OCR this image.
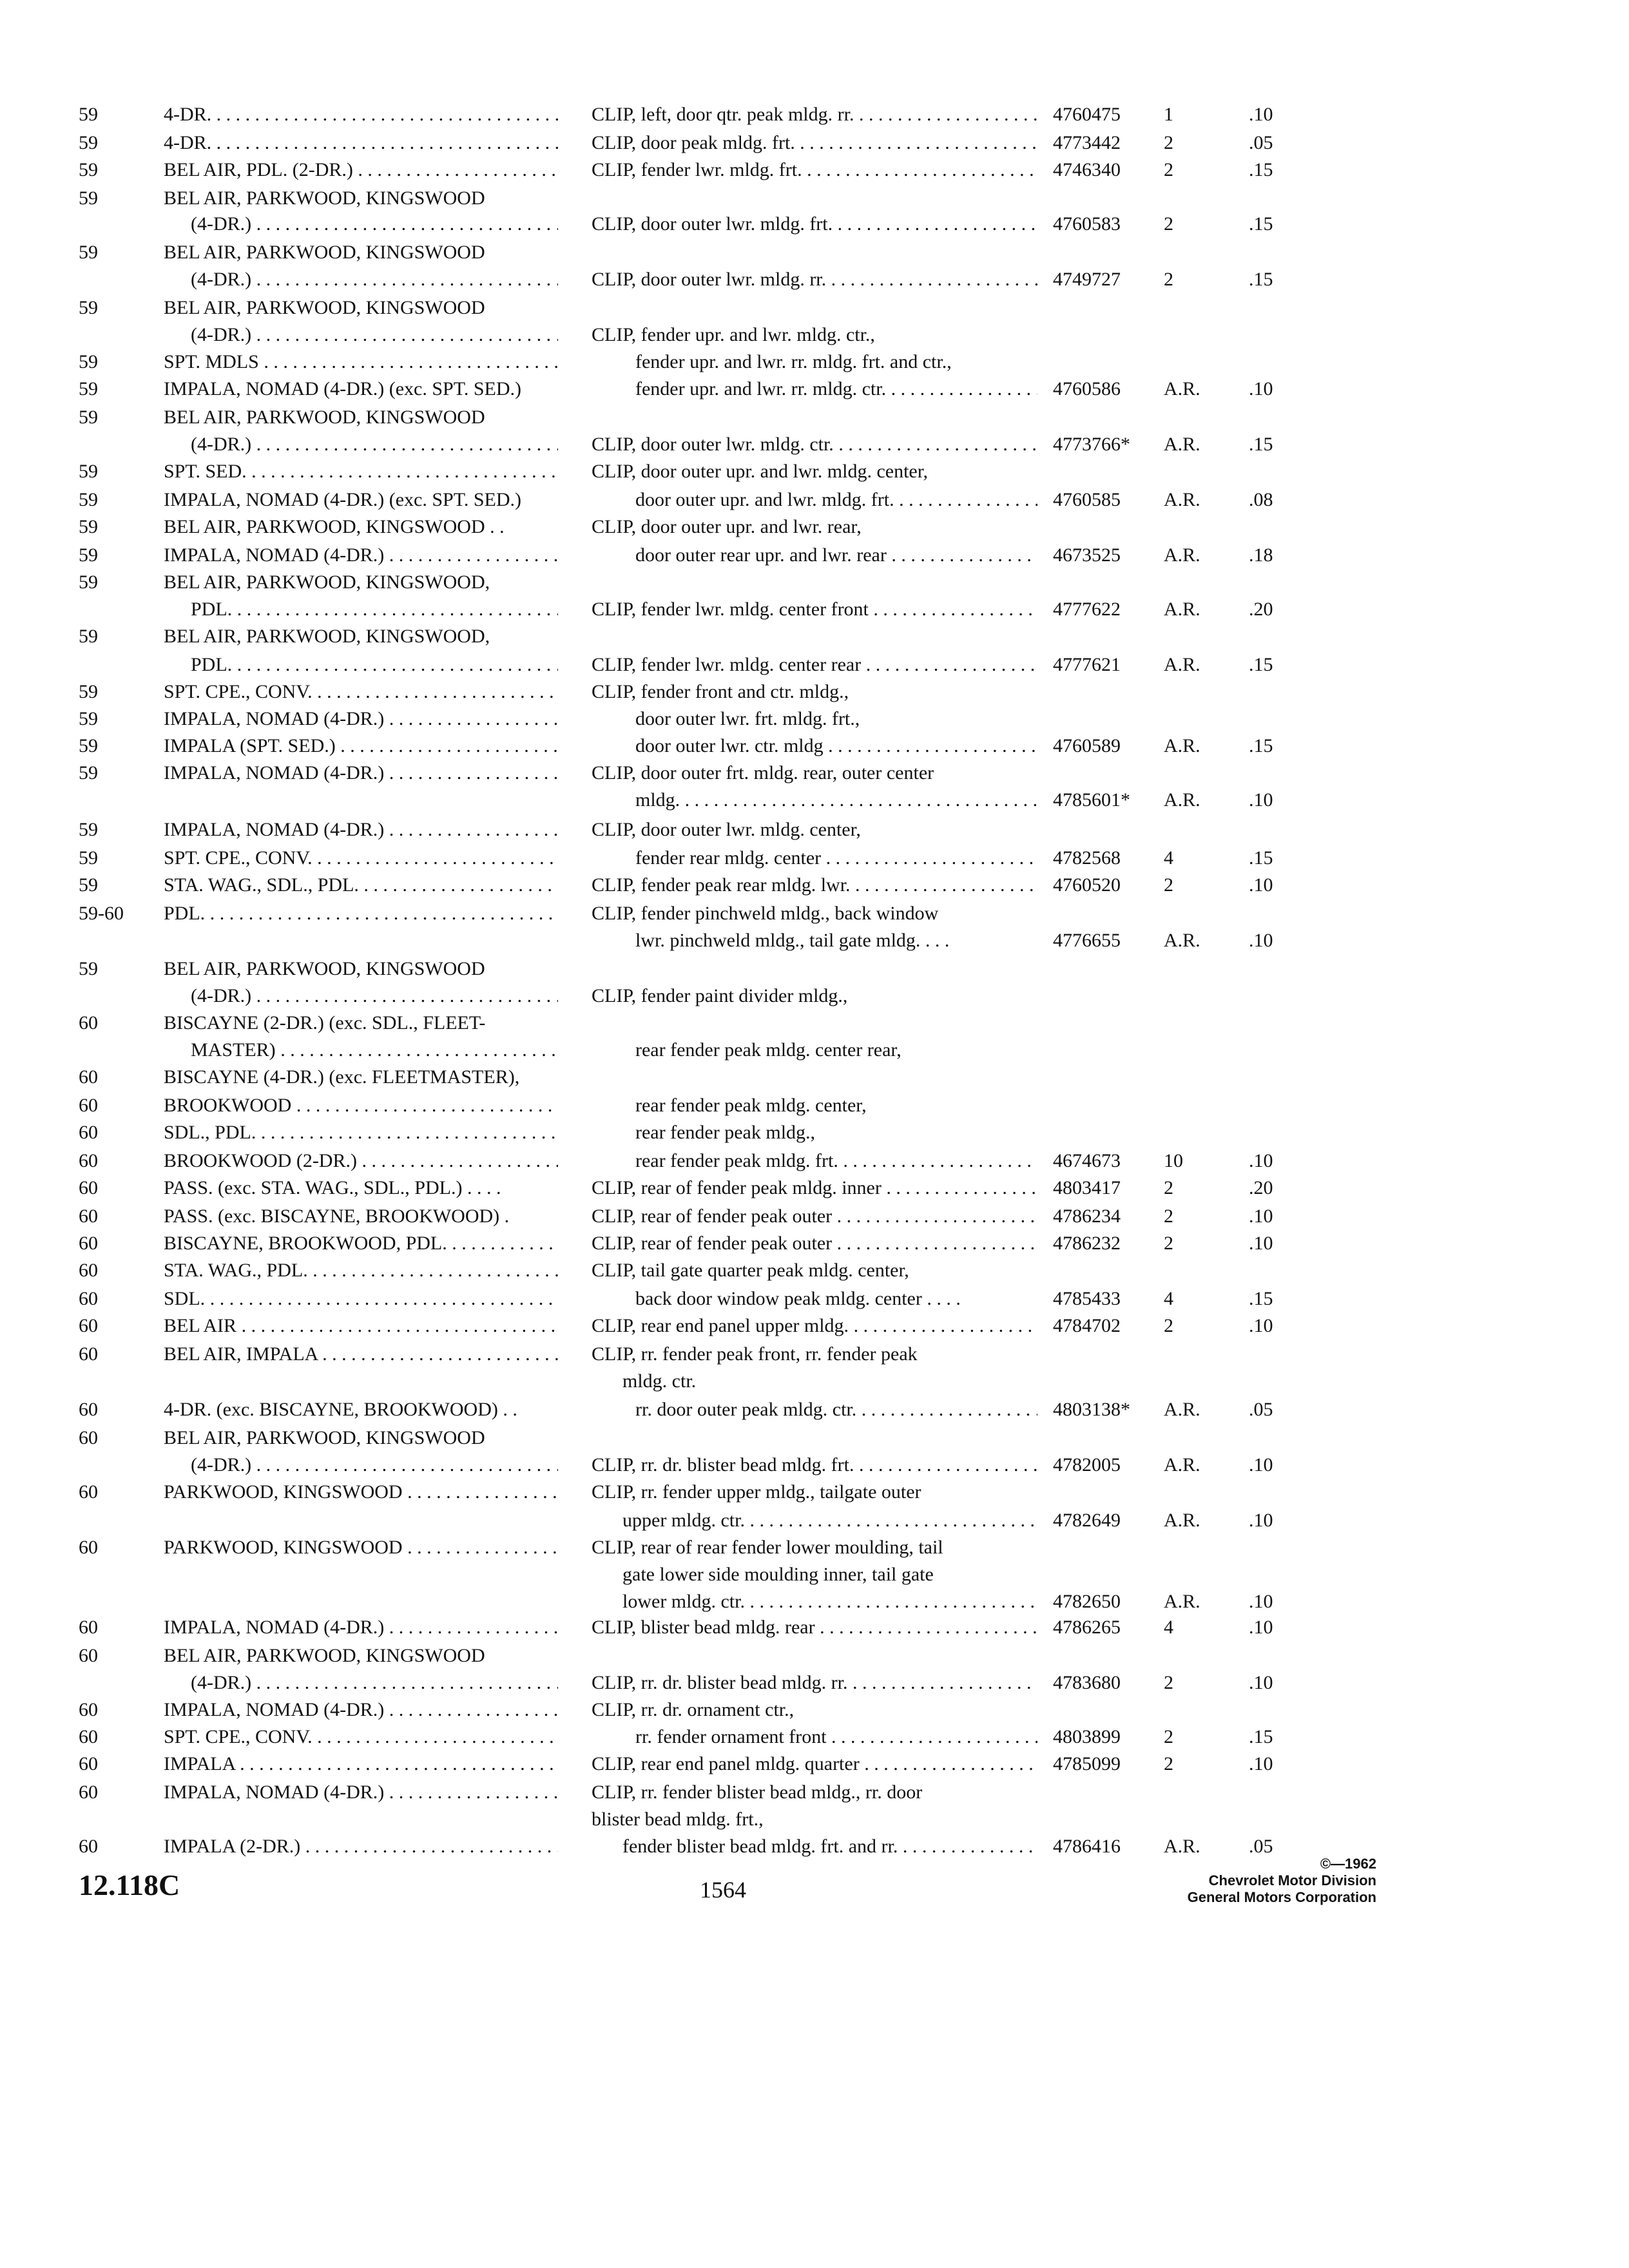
59	4-DR. . . .	CLIP, left, door qtr. peak mldg. rr. . . .	4760475	1	.10
59	4-DR. . . .	CLIP, door peak mldg. frt. . . .	4773442	2	.05
59	BEL AIR, PDL. (2-DR.) . . .	CLIP, fender lwr. mldg. frt. . . .	4746340	2	.15
59	BEL AIR, PARKWOOD, KINGSWOOD
(4-DR.) . . .	CLIP, door outer lwr. mldg. frt. . . .	4760583	2	.15
59	BEL AIR, PARKWOOD, KINGSWOOD
(4-DR.) . . .	CLIP, door outer lwr. mldg. rr. . . .	4749727	2	.15
59	BEL AIR, PARKWOOD, KINGSWOOD
(4-DR.) . . .	CLIP, fender upr. and lwr. mldg. ctr.,
59	SPT. MDLS . . .	fender upr. and lwr. rr. mldg. frt. and ctr.,
59	IMPALA, NOMAD (4-DR.) (exc. SPT. SED.)	fender upr. and lwr. rr. mldg. ctr. . . .	4760586	A.R.	.10
59	BEL AIR, PARKWOOD, KINGSWOOD
(4-DR.) . . .	CLIP, door outer lwr. mldg. ctr. . . .	4773766*	A.R.	.15
59	SPT. SED. . . .	CLIP, door outer upr. and lwr. mldg. center,
59	IMPALA, NOMAD (4-DR.) (exc. SPT. SED.)	door outer upr. and lwr. mldg. frt. . . .	4760585	A.R.	.08
59	BEL AIR, PARKWOOD, KINGSWOOD . .	CLIP, door outer upr. and lwr. rear,
59	IMPALA, NOMAD (4-DR.) . . .	door outer rear upr. and lwr. rear . . .	4673525	A.R.	.18
59	BEL AIR, PARKWOOD, KINGSWOOD,
PDL. . . .	CLIP, fender lwr. mldg. center front . . .	4777622	A.R.	.20
59	BEL AIR, PARKWOOD, KINGSWOOD,
PDL. . . .	CLIP, fender lwr. mldg. center rear . . .	4777621	A.R.	.15
59	SPT. CPE., CONV. . . .	CLIP, fender front and ctr. mldg.,
59	IMPALA, NOMAD (4-DR.) . . .	door outer lwr. frt. mldg. frt.,
59	IMPALA (SPT. SED.) . . .	door outer lwr. ctr. mldg . . .	4760589	A.R.	.15
59	IMPALA, NOMAD (4-DR.) . . .	CLIP, door outer frt. mldg. rear, outer center
mldg. . . .	4785601*	A.R.	.10
59	IMPALA, NOMAD (4-DR.) . . .	CLIP, door outer lwr. mldg. center,
59	SPT. CPE., CONV. . . .	fender rear mldg. center . . .	4782568	4	.15
59	STA. WAG., SDL., PDL. . . .	CLIP, fender peak rear mldg. lwr. . . .	4760520	2	.10
59-60	PDL. . . .	CLIP, fender pinchweld mldg., back window
lwr. pinchweld mldg., tail gate mldg. . . .	4776655	A.R.	.10
59	BEL AIR, PARKWOOD, KINGSWOOD
(4-DR.) . . .	CLIP, fender paint divider mldg.,
60	BISCAYNE (2-DR.) (exc. SDL., FLEET-
MASTER) . . .	rear fender peak mldg. center rear,
60	BISCAYNE (4-DR.) (exc. FLEETMASTER),
60	BROOKWOOD . . .	rear fender peak mldg. center,
60	SDL., PDL. . . .	rear fender peak mldg.,
60	BROOKWOOD (2-DR.) . . .	rear fender peak mldg. frt. . . .	4674673	10	.10
60	PASS. (exc. STA. WAG., SDL., PDL.) . . . .	CLIP, rear of fender peak mldg. inner . . .	4803417	2	.20
60	PASS. (exc. BISCAYNE, BROOKWOOD) .	CLIP, rear of fender peak outer . . .	4786234	2	.10
60	BISCAYNE, BROOKWOOD, PDL. . . .	CLIP, rear of fender peak outer . . .	4786232	2	.10
60	STA. WAG., PDL. . . .	CLIP, tail gate quarter peak mldg. center,
60	SDL. . . .	back door window peak mldg. center . . . .	4785433	4	.15
60	BEL AIR . . .	CLIP, rear end panel upper mldg. . . .	4784702	2	.10
60	BEL AIR, IMPALA . . .	CLIP, rr. fender peak front, rr. fender peak
mldg. ctr.
60	4-DR. (exc. BISCAYNE, BROOKWOOD) . .	rr. door outer peak mldg. ctr. . . .	4803138*	A.R.	.05
60	BEL AIR, PARKWOOD, KINGSWOOD
(4-DR.) . . .	CLIP, rr. dr. blister bead mldg. frt. . . .	4782005	A.R.	.10
60	PARKWOOD, KINGSWOOD . . .	CLIP, rr. fender upper mldg., tailgate outer
upper mldg. ctr. . . .	4782649	A.R.	.10
60	PARKWOOD, KINGSWOOD . . .	CLIP, rear of rear fender lower moulding, tail
gate lower side moulding inner, tail gate
lower mldg. ctr. . . .	4782650	A.R.	.10
60	IMPALA, NOMAD (4-DR.) . . .	CLIP, blister bead mldg. rear . . .	4786265	4	.10
60	BEL AIR, PARKWOOD, KINGSWOOD
(4-DR.) . . .	CLIP, rr. dr. blister bead mldg. rr. . . .	4783680	2	.10
60	IMPALA, NOMAD (4-DR.) . . .	CLIP, rr. dr. ornament ctr.,
60	SPT. CPE., CONV. . . .	rr. fender ornament front . . .	4803899	2	.15
60	IMPALA . . .	CLIP, rear end panel mldg. quarter . . .	4785099	2	.10
60	IMPALA, NOMAD (4-DR.) . . .	CLIP, rr. fender blister bead mldg., rr. door
blister bead mldg. frt.,
60	IMPALA (2-DR.) . . .	fender blister bead mldg. frt. and rr. . . .	4786416	A.R.	.05
12.118C	1564
©—1962
Chevrolet Motor Division
General Motors Corporation
